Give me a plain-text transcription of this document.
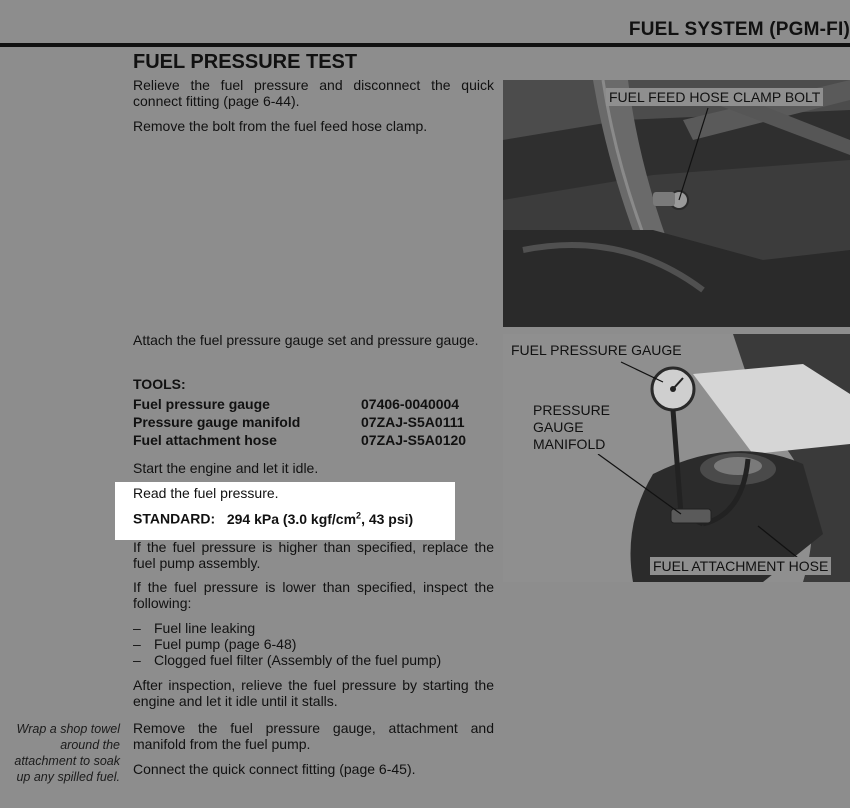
FUEL SYSTEM (PGM-FI)
FUEL PRESSURE TEST
Relieve the fuel pressure and disconnect the quick connect fitting (page 6-44).
Remove the bolt from the fuel feed hose clamp.
Attach the fuel pressure gauge set and pressure gauge.
TOOLS:
Fuel pressure gauge	07406-0040004
Pressure gauge manifold	07ZAJ-S5A0111
Fuel attachment hose	07ZAJ-S5A0120
Start the engine and let it idle.
Read the fuel pressure.
STANDARD: 294 kPa (3.0 kgf/$cm^2$, 43 psi)
If the fuel pressure is higher than specified, replace the fuel pump assembly.
If the fuel pressure is lower than specified, inspect the following:
– Fuel line leaking
– Fuel pump (page 6-48)
– Clogged fuel filter (Assembly of the fuel pump)
After inspection, relieve the fuel pressure by starting the engine and let it idle until it stalls.
Remove the fuel pressure gauge, attachment and manifold from the fuel pump.
Connect the quick connect fitting (page 6-45).
Wrap a shop towel around the attachment to soak up any spilled fuel.
FUEL FEED HOSE CLAMP BOLT
FUEL PRESSURE GAUGE
PRESSURE
GAUGE
MANIFOLD
FUEL ATTACHMENT HOSE
